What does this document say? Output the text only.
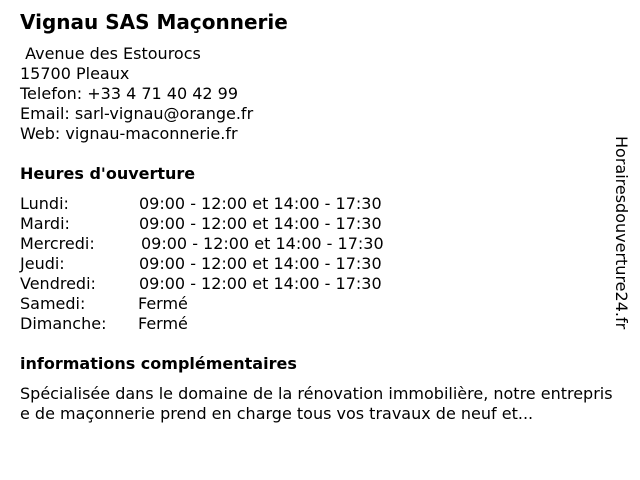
Vignau SAS Maçonnerie
Avenue des Estourocs
15700 Pleaux
Telefon: +33 4 71 40 42 99
Email: sarl-vignau@orange.fr
Web: vignau-maconnerie.fr
Heures d'ouverture
Lundi:	09:00 - 12:00 et 14:00 - 17:30
Mardi:	09:00 - 12:00 et 14:00 - 17:30
Mercredi:	09:00 - 12:00 et 14:00 - 17:30
Jeudi:	09:00 - 12:00 et 14:00 - 17:30
Vendredi:	09:00 - 12:00 et 14:00 - 17:30
Samedi:	Fermé
Dimanche: Fermé
informations complémentaires
Spécialisée dans le domaine de la rénovation immobilière, notre entreprise de maçonnerie prend en charge tous vos travaux de neuf et...
Horairesdouverture24.fr
